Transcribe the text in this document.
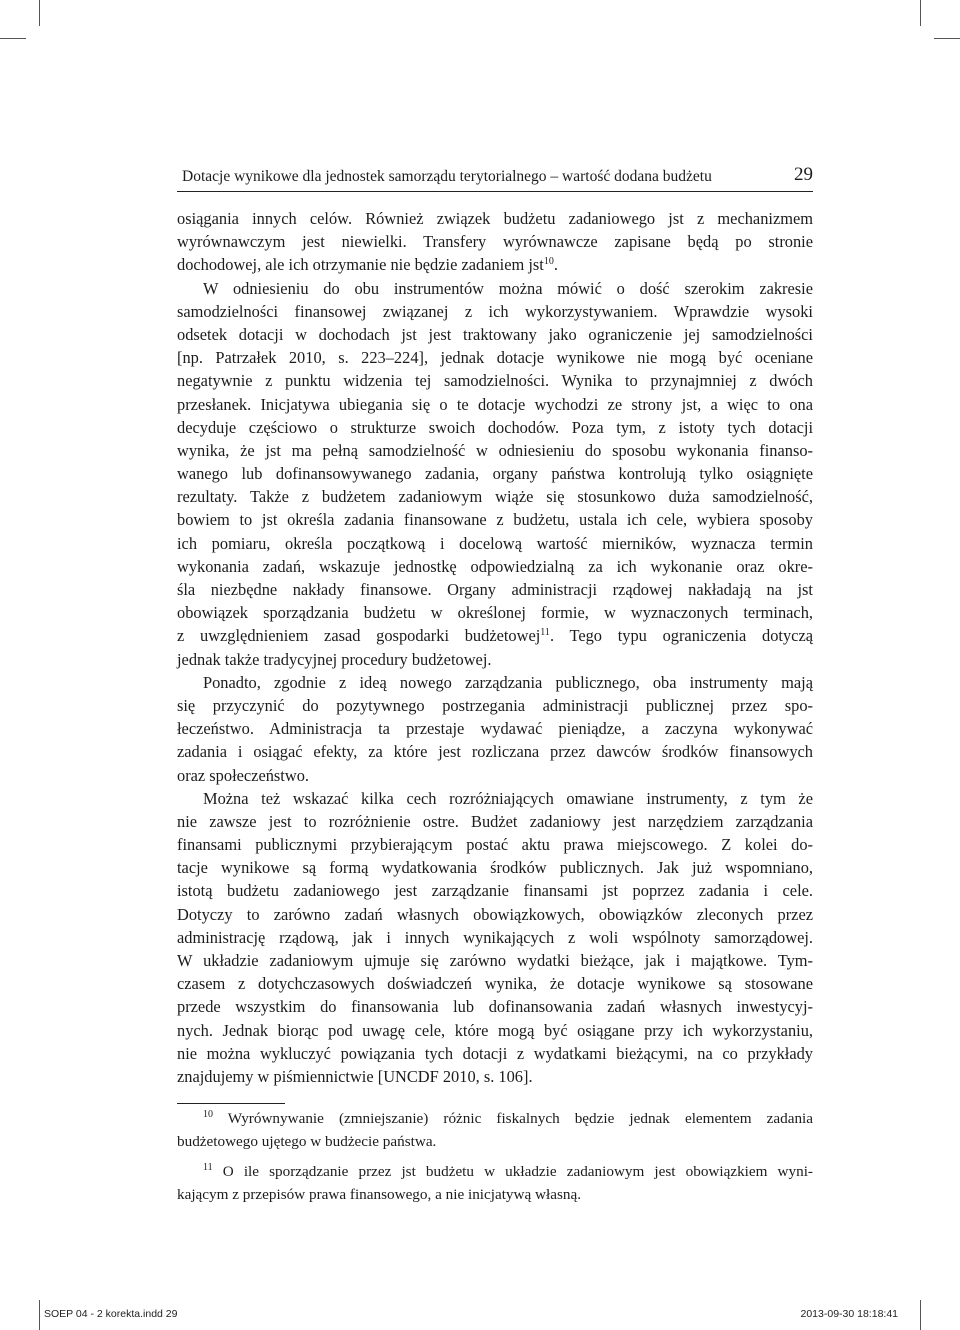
Dotacje wynikowe dla jednostek samorządu terytorialnego – wartość dodana budżetu	29
osiągania innych celów. Również związek budżetu zadaniowego jst z mechanizmem
wyrównawczym jest niewielki. Transfery wyrównawcze zapisane będą po stronie
dochodowej, ale ich otrzymanie nie będzie zadaniem jst$^{10}$.
W odniesieniu do obu instrumentów można mówić o dość szerokim zakresie
samodzielności finansowej związanej z ich wykorzystywaniem. Wprawdzie wysoki
odsetek dotacji w dochodach jst jest traktowany jako ograniczenie jej samodzielności
[np. Patrzałek 2010, s. 223–224], jednak dotacje wynikowe nie mogą być oceniane
negatywnie z punktu widzenia tej samodzielności. Wynika to przynajmniej z dwóch
przesłanek. Inicjatywa ubiegania się o te dotacje wychodzi ze strony jst, a więc to ona
decyduje częściowo o strukturze swoich dochodów. Poza tym, z istoty tych dotacji
wynika, że jst ma pełną samodzielność w odniesieniu do sposobu wykonania finanso-
wanego lub dofinansowywanego zadania, organy państwa kontrolują tylko osiągnięte
rezultaty. Także z budżetem zadaniowym wiąże się stosunkowo duża samodzielność,
bowiem to jst określa zadania finansowane z budżetu, ustala ich cele, wybiera sposoby
ich pomiaru, określa początkową i docelową wartość mierników, wyznacza termin
wykonania zadań, wskazuje jednostkę odpowiedzialną za ich wykonanie oraz okre-
śla niezbędne nakłady finansowe. Organy administracji rządowej nakładają na jst
obowiązek sporządzania budżetu w określonej formie, w wyznaczonych terminach,
z uwzględnieniem zasad gospodarki budżetowej$^{11}$. Tego typu ograniczenia dotyczą
jednak także tradycyjnej procedury budżetowej.
Ponadto, zgodnie z ideą nowego zarządzania publicznego, oba instrumenty mają
się przyczynić do pozytywnego postrzegania administracji publicznej przez spo-
łeczeństwo. Administracja ta przestaje wydawać pieniądze, a zaczyna wykonywać
zadania i osiągać efekty, za które jest rozliczana przez dawców środków finansowych
oraz społeczeństwo.
Można też wskazać kilka cech rozróżniających omawiane instrumenty, z tym że
nie zawsze jest to rozróżnienie ostre. Budżet zadaniowy jest narzędziem zarządzania
finansami publicznymi przybierającym postać aktu prawa miejscowego. Z kolei do-
tacje wynikowe są formą wydatkowania środków publicznych. Jak już wspomniano,
istotą budżetu zadaniowego jest zarządzanie finansami jst poprzez zadania i cele.
Dotyczy to zarówno zadań własnych obowiązkowych, obowiązków zleconych przez
administrację rządową, jak i innych wynikających z woli wspólnoty samorządowej.
W układzie zadaniowym ujmuje się zarówno wydatki bieżące, jak i majątkowe. Tym-
czasem z dotychczasowych doświadczeń wynika, że dotacje wynikowe są stosowane
przede wszystkim do finansowania lub dofinansowania zadań własnych inwestycyj-
nych. Jednak biorąc pod uwagę cele, które mogą być osiągane przy ich wykorzystaniu,
nie można wykluczyć powiązania tych dotacji z wydatkami bieżącymi, na co przykłady
znajdujemy w piśmiennictwie [UNCDF 2010, s. 106].
$^{10}$ Wyrównywanie (zmniejszanie) różnic fiskalnych będzie jednak elementem zadania
budżetowego ujętego w budżecie państwa.
$^{11}$ O ile sporządzanie przez jst budżetu w układzie zadaniowym jest obowiązkiem wyni-
kającym z przepisów prawa finansowego, a nie inicjatywą własną.
SOEP 04 - 2 korekta.indd 29	2013-09-30 18:18:41
